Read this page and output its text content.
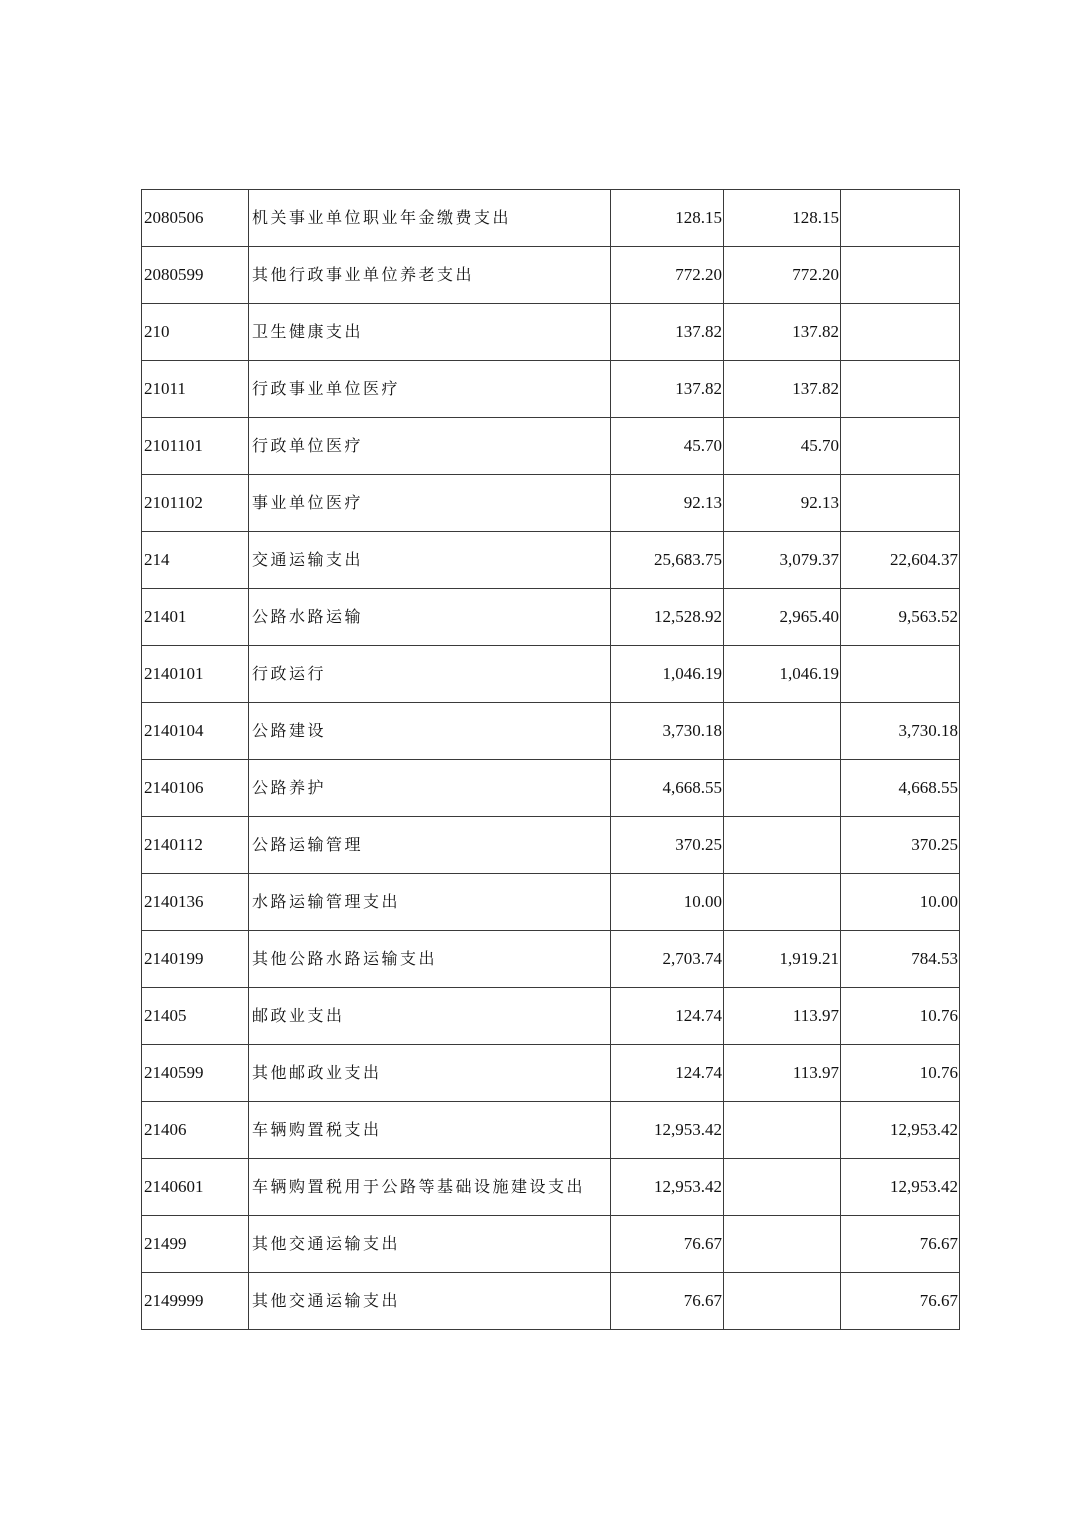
2080506	机关事业单位职业年金缴费支出	128.15	128.15	
2080599	其他行政事业单位养老支出	772.20	772.20	
210	卫生健康支出	137.82	137.82	
21011	行政事业单位医疗	137.82	137.82	
2101101	行政单位医疗	45.70	45.70	
2101102	事业单位医疗	92.13	92.13	
214	交通运输支出	25,683.75	3,079.37	22,604.37
21401	公路水路运输	12,528.92	2,965.40	9,563.52
2140101	行政运行	1,046.19	1,046.19	
2140104	公路建设	3,730.18		3,730.18
2140106	公路养护	4,668.55		4,668.55
2140112	公路运输管理	370.25		370.25
2140136	水路运输管理支出	10.00		10.00
2140199	其他公路水路运输支出	2,703.74	1,919.21	784.53
21405	邮政业支出	124.74	113.97	10.76
2140599	其他邮政业支出	124.74	113.97	10.76
21406	车辆购置税支出	12,953.42		12,953.42
2140601	车辆购置税用于公路等基础设施建设支出	12,953.42		12,953.42
21499	其他交通运输支出	76.67		76.67
2149999	其他交通运输支出	76.67		76.67
